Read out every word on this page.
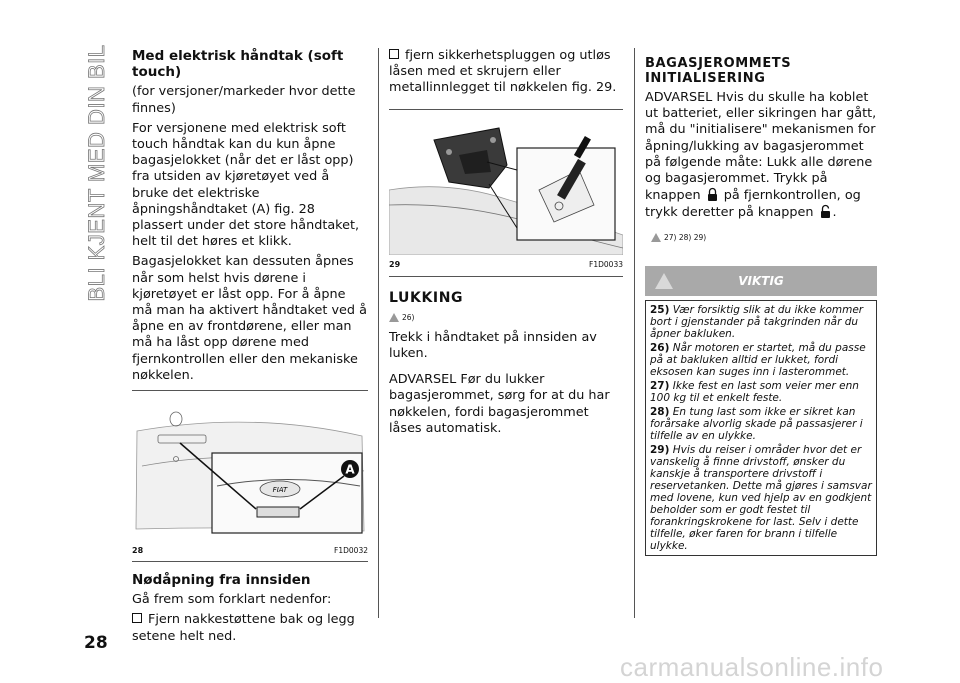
BLI KJENT MED DIN BIL Med elektrisk håndtak (soft touch)

(for versjoner/markeder hvor dette finnes)

For versjonene med elektrisk soft touch håndtak kan du kun åpne bagasjelokket (når det er låst opp) fra utsiden av kjøretøyet ved å bruke det elektriske åpningshåndtaket (A) fig. 28 plassert under det store håndtaket, helt til det høres et klikk.

Bagasjelokket kan dessuten åpnes når som helst hvis dørene i kjøretøyet er låst opp. For å åpne må man ha aktivert håndtaket ved å åpne en av frontdørene, eller man må ha låst opp dørene med fjernkontrollen eller den mekaniske nøkkelen.

FIAT
A
28	F1D0032

Nødåpning fra innsiden

Gå frem som forklart nedenfor:

Fjern nakkestøttene bak og legg setene helt ned.

fjern sikkerhetspluggen og utløs låsen med et skrujern eller metallinnlegget til nøkkelen fig. 29.

29	F1D0033

LUKKING

26)

Trekk i håndtaket på innsiden av luken.

ADVARSEL Før du lukker bagasjerommet, sørg for at du har nøkkelen, fordi bagasjerommet låses automatisk.

BAGASJEROMMETS

INITIALISERING

ADVARSEL Hvis du skulle ha koblet ut batteriet, eller sikringen har gått, må du "initialisere" mekanismen for åpning/lukking av bagasjerommet på følgende måte: Lukk alle dørene og bagasjerommet. Trykk på knappen på fjernkontrollen, og trykk deretter på knappen .

27) 28) 29)
VIKTIG

25) Vær forsiktig slik at du ikke kommer bort i gjenstander på takgrinden når du åpner bakluken.

26) Når motoren er startet, må du passe på at bakluken alltid er lukket, fordi eksosen kan suges inn i lasterommet.

27) Ikke fest en last som veier mer enn 100 kg til et enkelt feste.

28) En tung last som ikke er sikret kan forårsake alvorlig skade på passasjerer i tilfelle av en ulykke.

29) Hvis du reiser i områder hvor det er vanskelig å finne drivstoff, ønsker du kanskje å transportere drivstoff i reservetanken. Dette må gjøres i samsvar med lovene, kun ved hjelp av en godkjent beholder som er godt festet til forankringskrokene for last. Selv i dette tilfelle, øker faren for brann i tilfelle ulykke.

28
carmanualsonline.info
